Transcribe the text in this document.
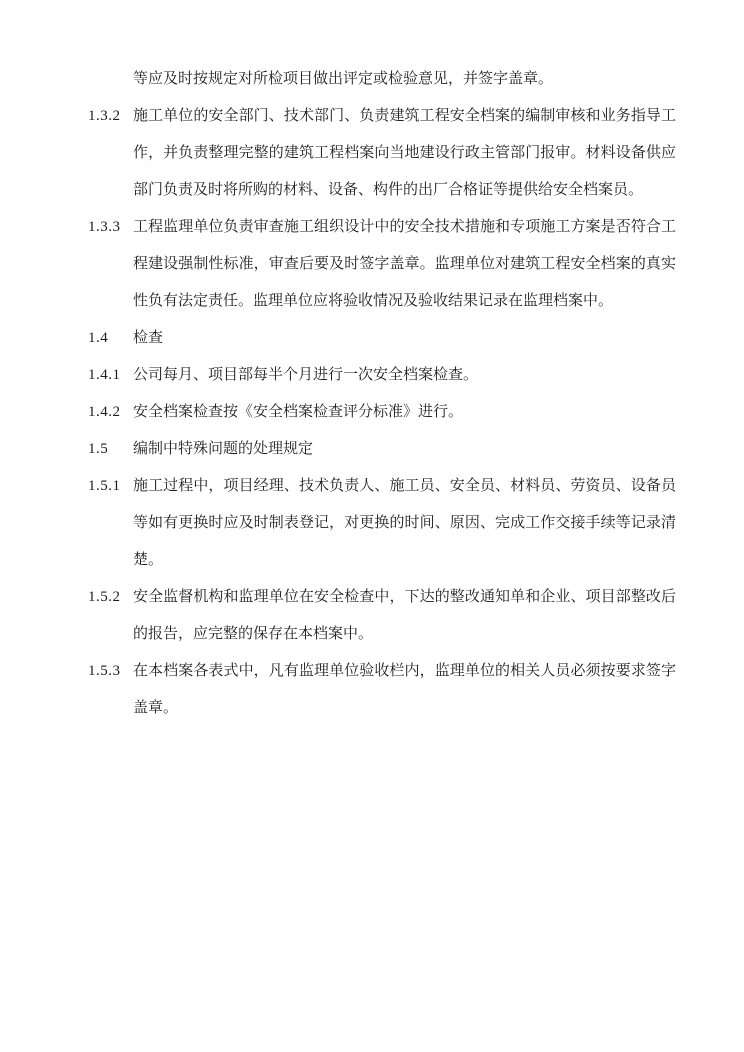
等应及时按规定对所检项目做出评定或检验意见，并签字盖章。

1.3.2 施工单位的安全部门、技术部门、负责建筑工程安全档案的编制审核和业务指导工作，并负责整理完整的建筑工程档案向当地建设行政主管部门报审。材料设备供应部门负责及时将所购的材料、设备、构件的出厂合格证等提供给安全档案员。

1.3.3 工程监理单位负责审查施工组织设计中的安全技术措施和专项施工方案是否符合工程建设强制性标准，审查后要及时签字盖章。监理单位对建筑工程安全档案的真实性负有法定责任。监理单位应将验收情况及验收结果记录在监理档案中。

1.4	检查

1.4.1 公司每月、项目部每半个月进行一次安全档案检查。

1.4.2 安全档案检查按《安全档案检查评分标准》进行。

1.5	编制中特殊问题的处理规定

1.5.1 施工过程中，项目经理、技术负责人、施工员、安全员、材料员、劳资员、设备员等如有更换时应及时制表登记，对更换的时间、原因、完成工作交接手续等记录清楚。

1.5.2 安全监督机构和监理单位在安全检查中，下达的整改通知单和企业、项目部整改后的报告，应完整的保存在本档案中。

1.5.3 在本档案各表式中，凡有监理单位验收栏内，监理单位的相关人员必须按要求签字盖章。
